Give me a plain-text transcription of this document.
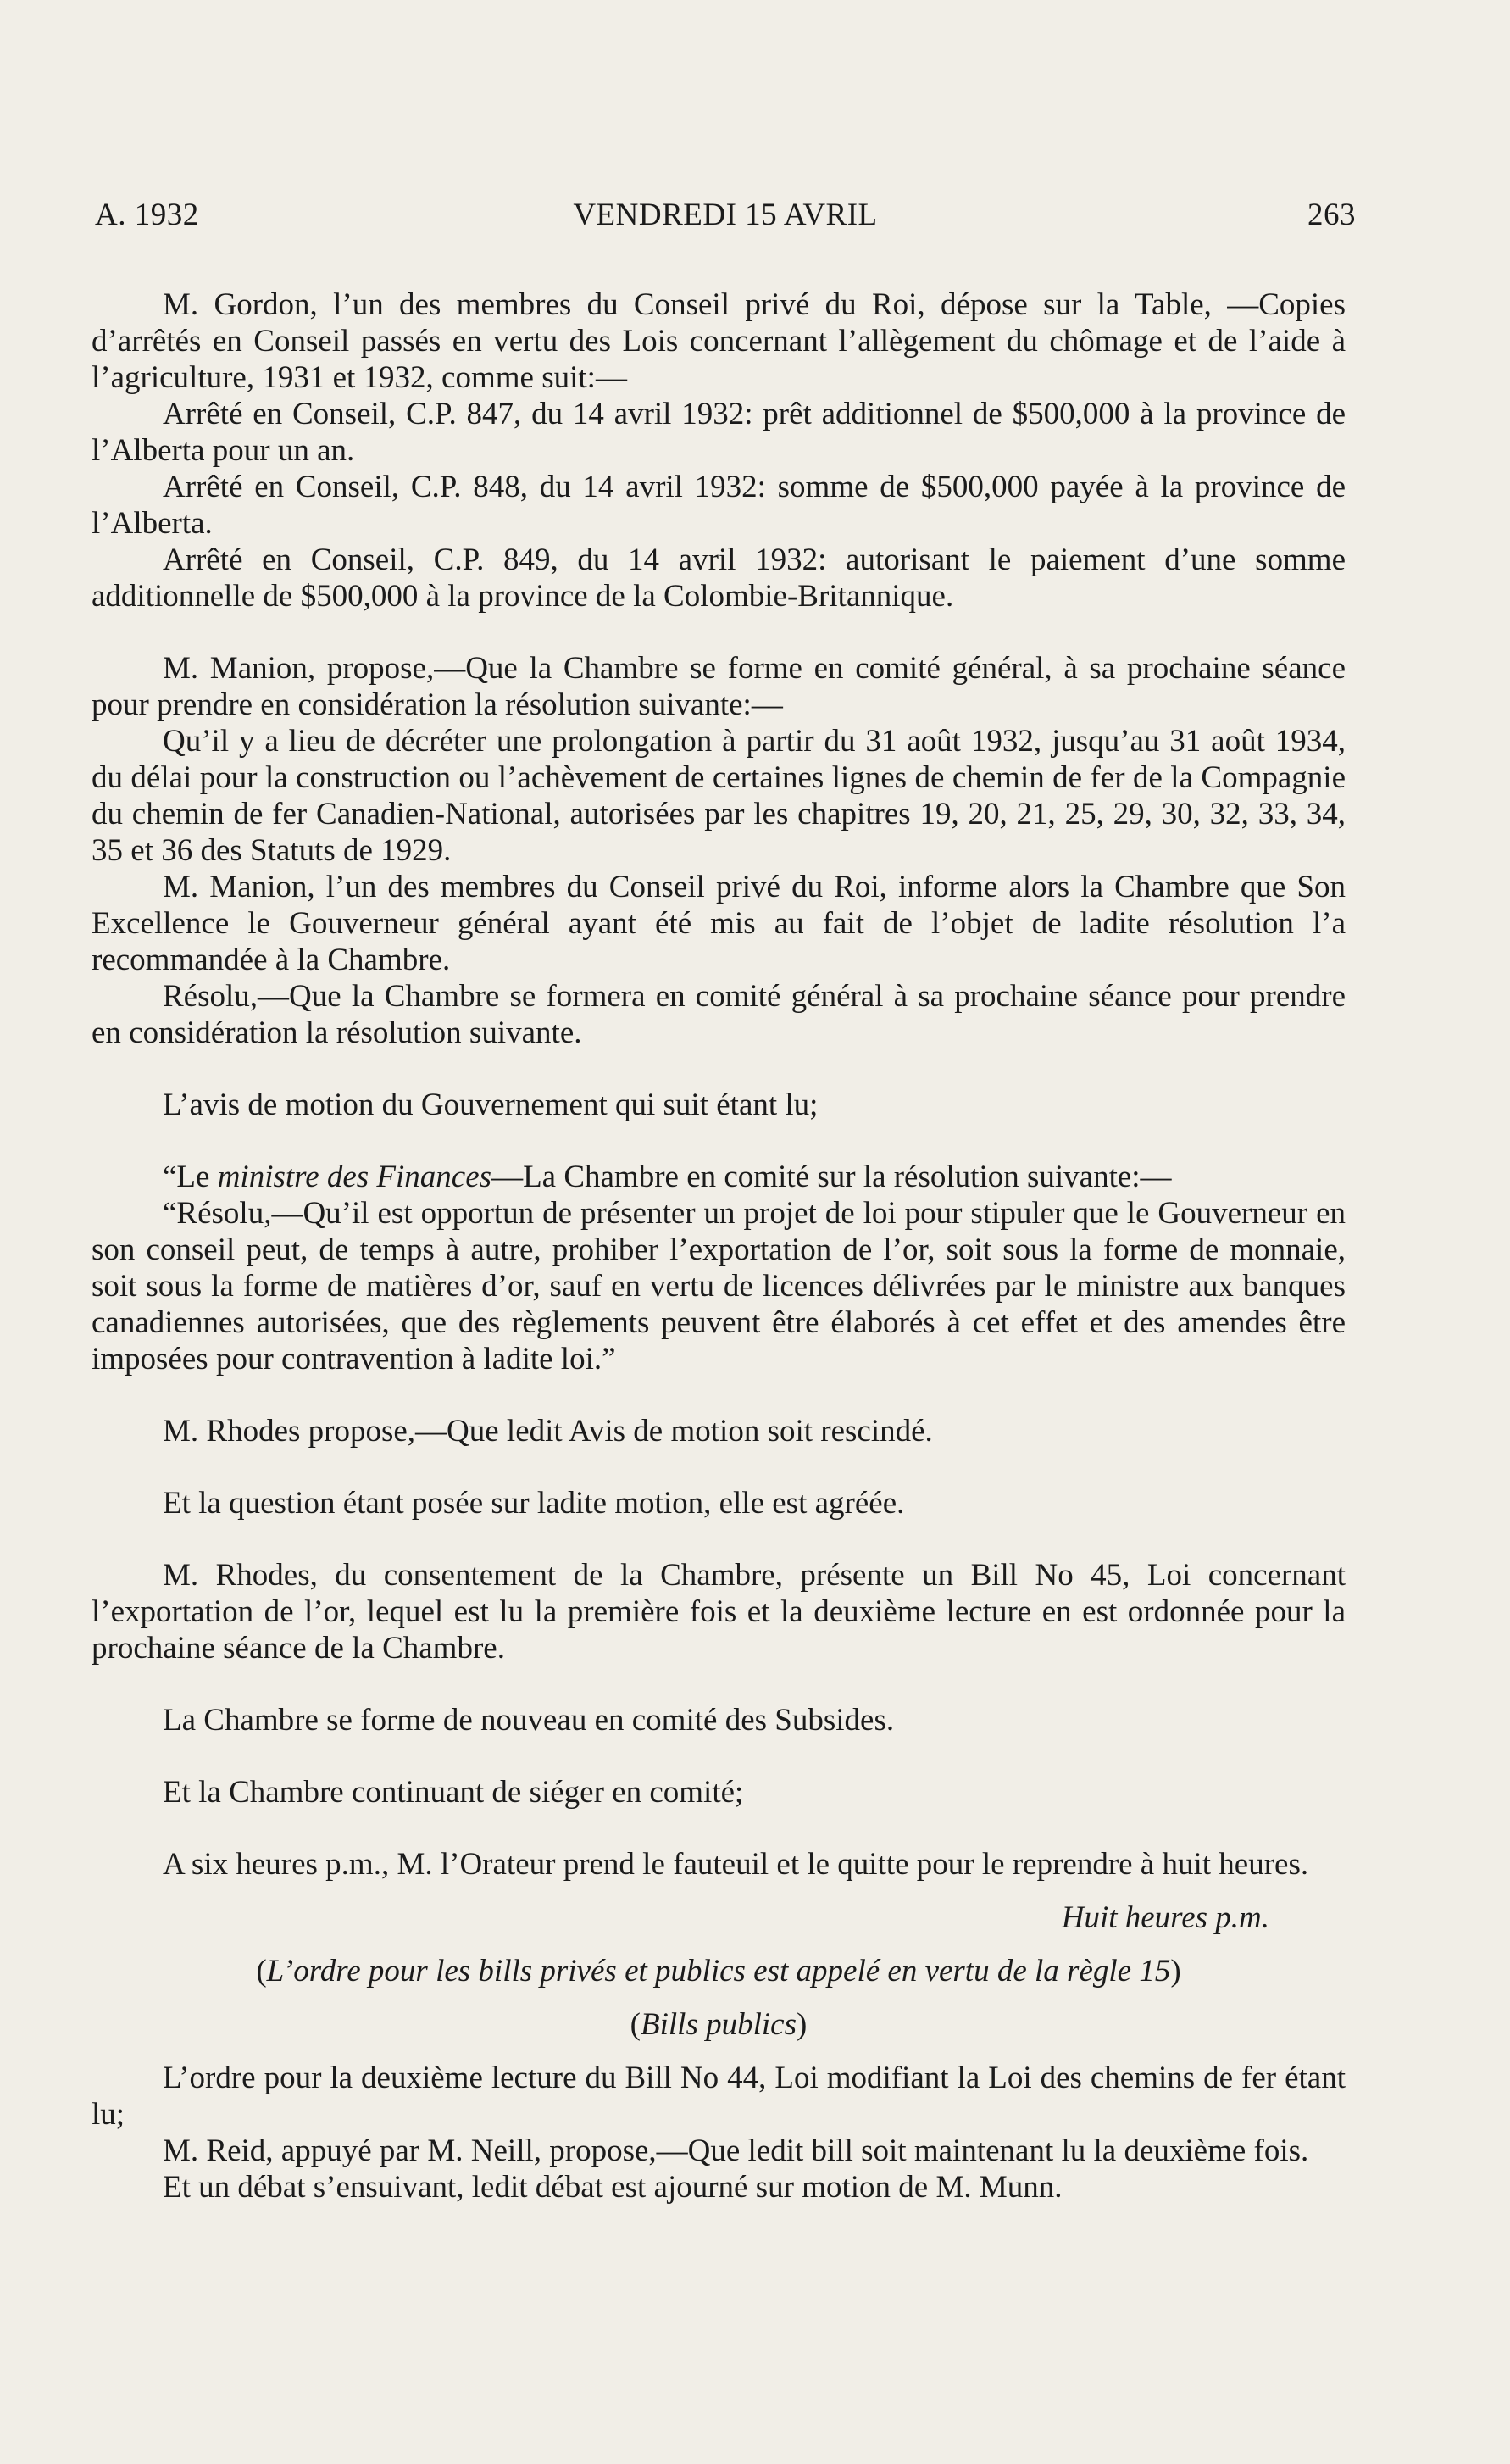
A. 1932	VENDREDI 15 AVRIL	263

M. Gordon, l’un des membres du Conseil privé du Roi, dépose sur la Table, —Copies d’arrêtés en Conseil passés en vertu des Lois concernant l’allègement du chômage et de l’aide à l’agriculture, 1931 et 1932, comme suit:—

Arrêté en Conseil, C.P. 847, du 14 avril 1932: prêt additionnel de $500,000 à la province de l’Alberta pour un an.

Arrêté en Conseil, C.P. 848, du 14 avril 1932: somme de $500,000 payée à la province de l’Alberta.

Arrêté en Conseil, C.P. 849, du 14 avril 1932: autorisant le paiement d’une somme additionnelle de $500,000 à la province de la Colombie-Britannique.

M. Manion, propose,—Que la Chambre se forme en comité général, à sa prochaine séance pour prendre en considération la résolution suivante:—

Qu’il y a lieu de décréter une prolongation à partir du 31 août 1932, jusqu’au 31 août 1934, du délai pour la construction ou l’achèvement de certaines lignes de chemin de fer de la Compagnie du chemin de fer Canadien-National, autorisées par les chapitres 19, 20, 21, 25, 29, 30, 32, 33, 34, 35 et 36 des Statuts de 1929.

M. Manion, l’un des membres du Conseil privé du Roi, informe alors la Chambre que Son Excellence le Gouverneur général ayant été mis au fait de l’objet de ladite résolution l’a recommandée à la Chambre.

Résolu,—Que la Chambre se formera en comité général à sa prochaine séance pour prendre en considération la résolution suivante.

L’avis de motion du Gouvernement qui suit étant lu;

“Le ministre des Finances—La Chambre en comité sur la résolution suivante:—

“Résolu,—Qu’il est opportun de présenter un projet de loi pour stipuler que le Gouverneur en son conseil peut, de temps à autre, prohiber l’exportation de l’or, soit sous la forme de monnaie, soit sous la forme de matières d’or, sauf en vertu de licences délivrées par le ministre aux banques canadiennes autorisées, que des règlements peuvent être élaborés à cet effet et des amendes être imposées pour contravention à ladite loi.”

M. Rhodes propose,—Que ledit Avis de motion soit rescindé.

Et la question étant posée sur ladite motion, elle est agréée.

M. Rhodes, du consentement de la Chambre, présente un Bill No 45, Loi concernant l’exportation de l’or, lequel est lu la première fois et la deuxième lecture en est ordonnée pour la prochaine séance de la Chambre.

La Chambre se forme de nouveau en comité des Subsides.

Et la Chambre continuant de siéger en comité;

A six heures p.m., M. l’Orateur prend le fauteuil et le quitte pour le reprendre à huit heures.

Huit heures p.m.

(L’ordre pour les bills privés et publics est appelé en vertu de la règle 15)

(Bills publics)

L’ordre pour la deuxième lecture du Bill No 44, Loi modifiant la Loi des chemins de fer étant lu;

M. Reid, appuyé par M. Neill, propose,—Que ledit bill soit maintenant lu la deuxième fois.

Et un débat s’ensuivant, ledit débat est ajourné sur motion de M. Munn.
